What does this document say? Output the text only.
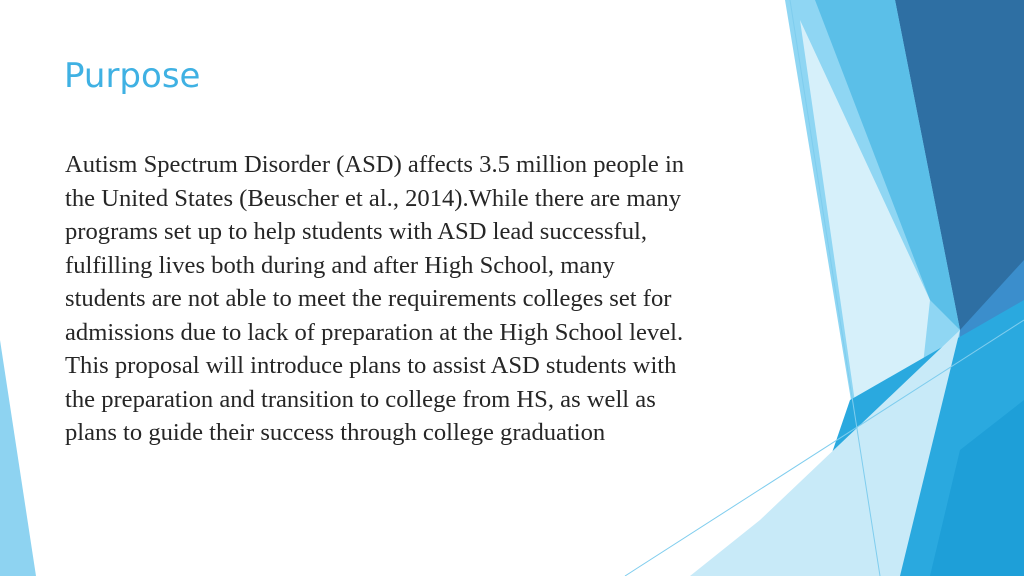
Purpose

Autism Spectrum Disorder (ASD) affects 3.5 million people in
the United States (Beuscher et al., 2014).While there are many
programs set up to help students with ASD lead successful,
fulfilling lives both during and after High School, many
students are not able to meet the requirements colleges set for
admissions due to lack of preparation at the High School level.
This proposal will introduce plans to assist ASD students with
the preparation and transition to college from HS, as well as
plans to guide their success through college graduation
